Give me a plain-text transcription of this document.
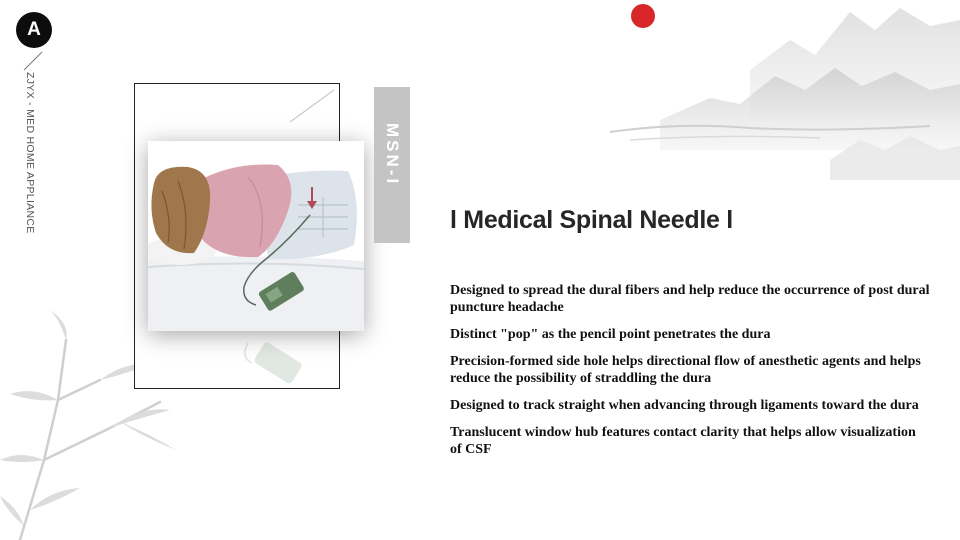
A
ZJYX - MED HOME APPLIANCE	MSN-I
l Medical Spinal Needle l
Designed to spread the dural fibers and help reduce the occurrence of post dural puncture headache
Distinct "pop" as the pencil point penetrates the dura
Precision-formed side hole helps directional flow of anesthetic agents and helps reduce the possibility of straddling the dura
Designed to track straight when advancing through ligaments toward the dura
Translucent window hub features contact clarity that helps allow visualization of CSF
